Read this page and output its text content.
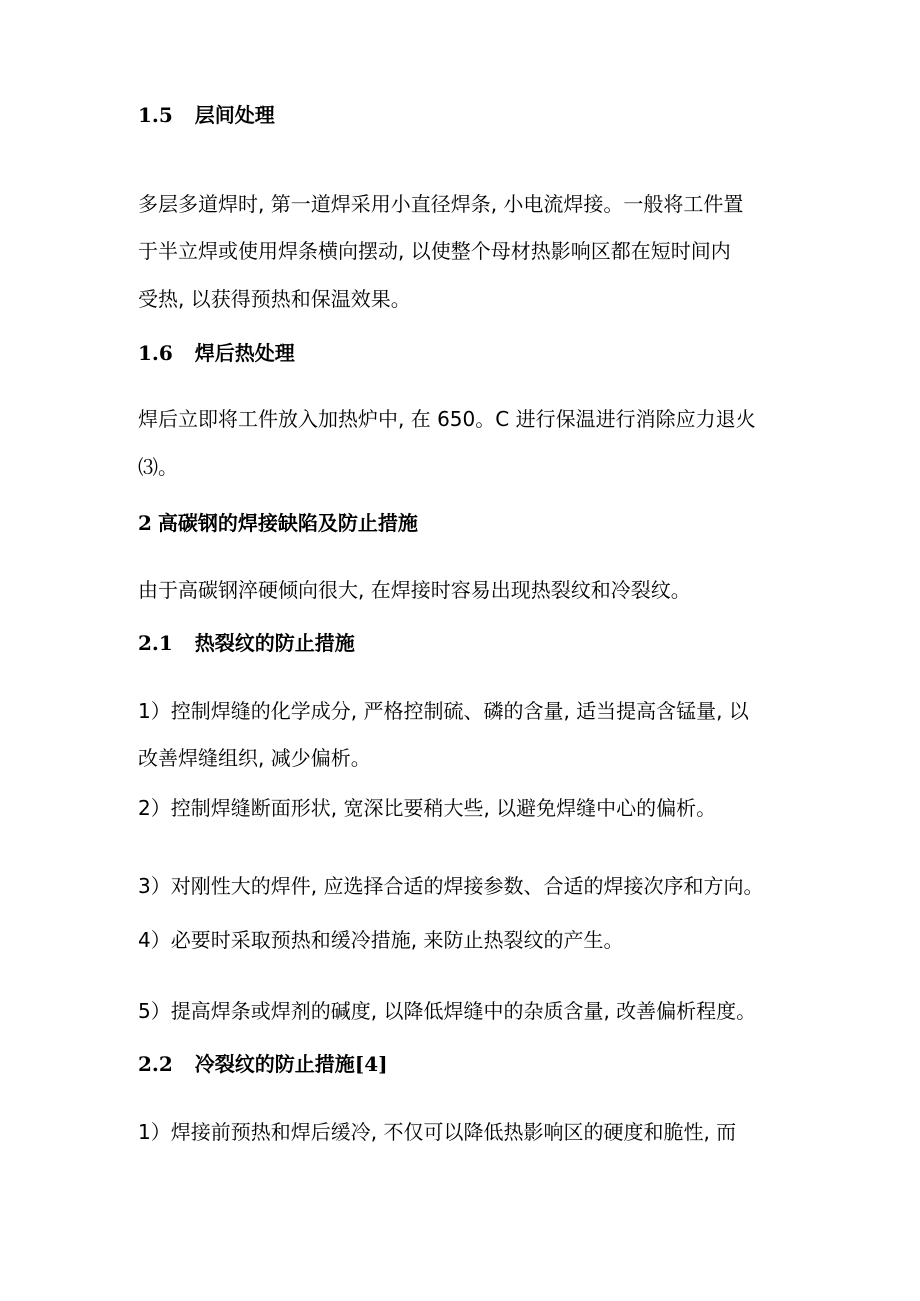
1.5 层间处理
多层多道焊时, 第一道焊采用小直径焊条, 小电流焊接。一般将工件置
于半立焊或使用焊条横向摆动, 以使整个母材热影响区都在短时间内
受热, 以获得预热和保温效果。
1.6 焊后热处理
焊后立即将工件放入加热炉中, 在 650。C 进行保温进行消除应力退火
⑶。
2 高碳钢的焊接缺陷及防止措施
由于高碳钢淬硬倾向很大, 在焊接时容易出现热裂纹和冷裂纹。
2.1 热裂纹的防止措施
1）控制焊缝的化学成分, 严格控制硫、磷的含量, 适当提高含锰量, 以
改善焊缝组织, 减少偏析。
2）控制焊缝断面形状, 宽深比要稍大些, 以避免焊缝中心的偏析。
3）对刚性大的焊件, 应选择合适的焊接参数、合适的焊接次序和方向。
4）必要时采取预热和缓冷措施, 来防止热裂纹的产生。
5）提高焊条或焊剂的碱度, 以降低焊缝中的杂质含量, 改善偏析程度。
2.2 冷裂纹的防止措施[4]
1）焊接前预热和焊后缓冷, 不仅可以降低热影响区的硬度和脆性, 而
